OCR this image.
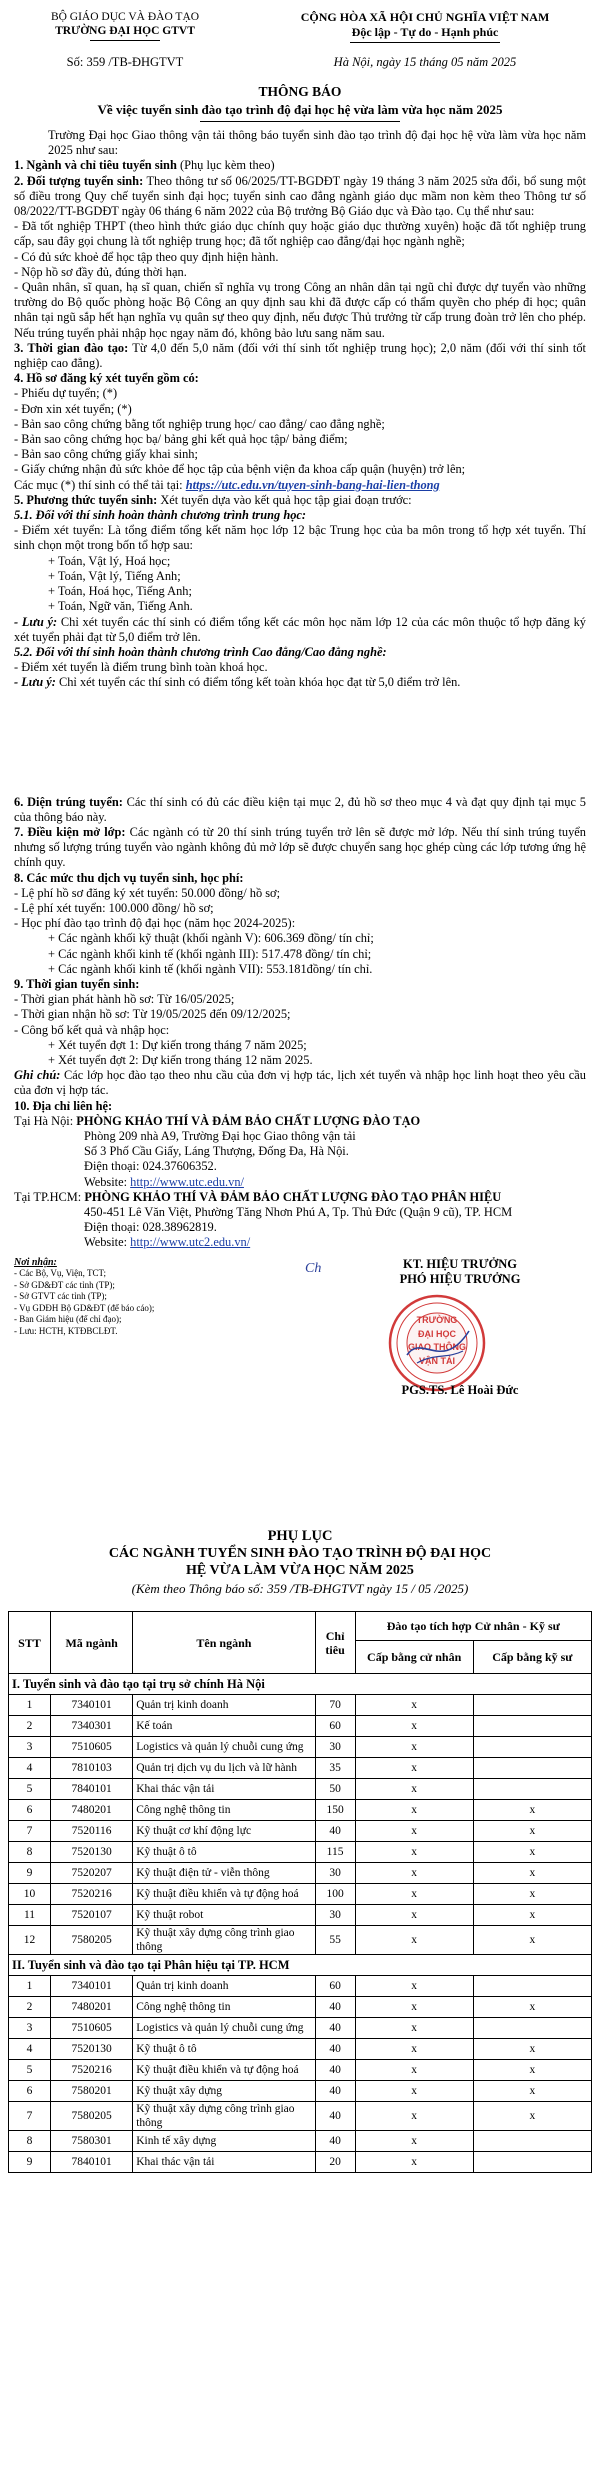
BỘ GIÁO DỤC VÀ ĐÀO TẠO
TRƯỜNG ĐẠI HỌC GTVT
CỘNG HÒA XÃ HỘI CHỦ NGHĨA VIỆT NAM
Độc lập - Tự do - Hạnh phúc
Số: 359 /TB-ĐHGTVT	Hà Nội, ngày 15 tháng 05 năm 2025
THÔNG BÁO
Về việc tuyển sinh đào tạo trình độ đại học hệ vừa làm vừa học năm 2025

Trường Đại học Giao thông vận tải thông báo tuyển sinh đào tạo trình độ đại học hệ vừa làm vừa học năm 2025 như sau:

1. Ngành và chỉ tiêu tuyển sinh (Phụ lục kèm theo)

2. Đối tượng tuyển sinh: Theo thông tư số 06/2025/TT-BGDĐT ngày 19 tháng 3 năm 2025 sửa đổi, bổ sung một số điều trong Quy chế tuyển sinh đại học; tuyển sinh cao đẳng ngành giáo dục mầm non kèm theo Thông tư số 08/2022/TT-BGDĐT ngày 06 tháng 6 năm 2022 của Bộ trưởng Bộ Giáo dục và Đào tạo. Cụ thể như sau:

- Đã tốt nghiệp THPT (theo hình thức giáo dục chính quy hoặc giáo dục thường xuyên) hoặc đã tốt nghiệp trung cấp, sau đây gọi chung là tốt nghiệp trung học; đã tốt nghiệp cao đẳng/đại học ngành nghề;

- Có đủ sức khoẻ để học tập theo quy định hiện hành.

- Nộp hồ sơ đầy đủ, đúng thời hạn.

- Quân nhân, sĩ quan, hạ sĩ quan, chiến sĩ nghĩa vụ trong Công an nhân dân tại ngũ chỉ được dự tuyển vào những trường do Bộ quốc phòng hoặc Bộ Công an quy định sau khi đã được cấp có thẩm quyền cho phép đi học; quân nhân tại ngũ sắp hết hạn nghĩa vụ quân sự theo quy định, nếu được Thủ trưởng từ cấp trung đoàn trở lên cho phép. Nếu trúng tuyển phải nhập học ngay năm đó, không bảo lưu sang năm sau.

3. Thời gian đào tạo: Từ 4,0 đến 5,0 năm (đối với thí sinh tốt nghiệp trung học); 2,0 năm (đối với thí sinh tốt nghiệp cao đẳng).

4. Hồ sơ đăng ký xét tuyển gồm có:

- Phiếu dự tuyển; (*)

- Đơn xin xét tuyển; (*)

- Bản sao công chứng bằng tốt nghiệp trung học/ cao đẳng/ cao đẳng nghề;

- Bản sao công chứng học bạ/ bảng ghi kết quả học tập/ bảng điểm;

- Bản sao công chứng giấy khai sinh;

- Giấy chứng nhận đủ sức khỏe để học tập của bệnh viện đa khoa cấp quận (huyện) trở lên;

Các mục (*) thí sinh có thể tải tại: https://utc.edu.vn/tuyen-sinh-bang-hai-lien-thong

5. Phương thức tuyển sinh: Xét tuyển dựa vào kết quả học tập giai đoạn trước:

5.1. Đối với thí sinh hoàn thành chương trình trung học:

- Điểm xét tuyển: Là tổng điểm tổng kết năm học lớp 12 bậc Trung học của ba môn trong tổ hợp xét tuyển. Thí sinh chọn một trong bốn tổ hợp sau:

+ Toán, Vật lý, Hoá học;

+ Toán, Vật lý, Tiếng Anh;

+ Toán, Hoá học, Tiếng Anh;

+ Toán, Ngữ văn, Tiếng Anh.

- Lưu ý: Chỉ xét tuyển các thí sinh có điểm tổng kết các môn học năm lớp 12 của các môn thuộc tổ hợp đăng ký xét tuyển phải đạt từ 5,0 điểm trở lên.

5.2. Đối với thí sinh hoàn thành chương trình Cao đẳng/Cao đẳng nghề:

- Điểm xét tuyển là điểm trung bình toàn khoá học.

- Lưu ý: Chỉ xét tuyển các thí sinh có điểm tổng kết toàn khóa học đạt từ 5,0 điểm trở lên.

6. Diện trúng tuyển: Các thí sinh có đủ các điều kiện tại mục 2, đủ hồ sơ theo mục 4 và đạt quy định tại mục 5 của thông báo này.

7. Điều kiện mở lớp: Các ngành có từ 20 thí sinh trúng tuyển trở lên sẽ được mở lớp. Nếu thí sinh trúng tuyển nhưng số lượng trúng tuyển vào ngành không đủ mở lớp sẽ được chuyển sang học ghép cùng các lớp tương ứng hệ chính quy.

8. Các mức thu dịch vụ tuyển sinh, học phí:

- Lệ phí hồ sơ đăng ký xét tuyển: 50.000 đồng/ hồ sơ;

- Lệ phí xét tuyển: 100.000 đồng/ hồ sơ;

- Học phí đào tạo trình độ đại học (năm học 2024-2025):

+ Các ngành khối kỹ thuật (khối ngành V): 606.369 đồng/ tín chỉ;

+ Các ngành khối kinh tế (khối ngành III): 517.478 đồng/ tín chỉ;

+ Các ngành khối kinh tế (khối ngành VII): 553.181đồng/ tín chỉ.

9. Thời gian tuyển sinh:

- Thời gian phát hành hồ sơ: Từ 16/05/2025;

- Thời gian nhận hồ sơ: Từ 19/05/2025 đến 09/12/2025;

- Công bố kết quả và nhập học:

+ Xét tuyển đợt 1: Dự kiến trong tháng 7 năm 2025;

+ Xét tuyển đợt 2: Dự kiến trong tháng 12 năm 2025.

Ghi chú: Các lớp học đào tạo theo nhu cầu của đơn vị hợp tác, lịch xét tuyển và nhập học linh hoạt theo yêu cầu của đơn vị hợp tác.

10. Địa chỉ liên hệ:

Tại Hà Nội: PHÒNG KHẢO THÍ VÀ ĐẢM BẢO CHẤT LƯỢNG ĐÀO TẠO

Phòng 209 nhà A9, Trường Đại học Giao thông vận tải

Số 3 Phố Cầu Giấy, Láng Thượng, Đống Đa, Hà Nội.

Điện thoại: 024.37606352.

Website: http://www.utc.edu.vn/

Tại TP.HCM: PHÒNG KHẢO THÍ VÀ ĐẢM BẢO CHẤT LƯỢNG ĐÀO TẠO PHÂN HIỆU

450-451 Lê Văn Việt, Phường Tăng Nhơn Phú A, Tp. Thủ Đức (Quận 9 cũ), TP. HCM

Điện thoại: 028.38962819.

Website: http://www.utc2.edu.vn/

Nơi nhận:
- Các Bộ, Vụ, Viện, TCT;
- Sở GD&ĐT các tỉnh (TP);
- Sở GTVT các tỉnh (TP);
- Vụ GDĐH Bộ GD&ĐT (để báo cáo);
- Ban Giám hiệu (để chỉ đạo);
- Lưu: HCTH, KTĐBCLĐT.
Ch	KT. HIỆU TRƯỞNG
PHÓ HIỆU TRƯỞNG
TRƯỜNG
ĐẠI HỌC
GIAO THÔNG
VẬN TẢI
PGS.TS. Lê Hoài Đức
PHỤ LỤC
CÁC NGÀNH TUYỂN SINH ĐÀO TẠO TRÌNH ĐỘ ĐẠI HỌC
HỆ VỪA LÀM VỪA HỌC NĂM 2025
(Kèm theo Thông báo số: 359 /TB-ĐHGTVT ngày 15 / 05 /2025)
STT	Mã ngành	Tên ngành	Chỉ tiêu	Đào tạo tích hợp Cử nhân - Kỹ sư	
				Cấp bằng cử nhân	Cấp bằng kỹ sư
I. Tuyển sinh và đào tạo tại trụ sở chính Hà Nội					
1	7340101	Quản trị kinh doanh	70	x	
2	7340301	Kế toán	60	x	
3	7510605	Logistics và quản lý chuỗi cung ứng	30	x	
4	7810103	Quản trị dịch vụ du lịch và lữ hành	35	x	
5	7840101	Khai thác vận tải	50	x	
6	7480201	Công nghệ thông tin	150	x	x
7	7520116	Kỹ thuật cơ khí động lực	40	x	x
8	7520130	Kỹ thuật ô tô	115	x	x
9	7520207	Kỹ thuật điện tử - viễn thông	30	x	x
10	7520216	Kỹ thuật điều khiển và tự động hoá	100	x	x
11	7520107	Kỹ thuật robot	30	x	x
12	7580205	Kỹ thuật xây dựng công trình giao thông	55	x	x
II. Tuyển sinh và đào tạo tại Phân hiệu tại TP. HCM					
1	7340101	Quản trị kinh doanh	60	x	
2	7480201	Công nghệ thông tin	40	x	x
3	7510605	Logistics và quản lý chuỗi cung ứng	40	x	
4	7520130	Kỹ thuật ô tô	40	x	x
5	7520216	Kỹ thuật điều khiển và tự động hoá	40	x	x
6	7580201	Kỹ thuật xây dựng	40	x	x
7	7580205	Kỹ thuật xây dựng công trình giao thông	40	x	x
8	7580301	Kinh tế xây dựng	40	x	
9	7840101	Khai thác vận tải	20	x	
